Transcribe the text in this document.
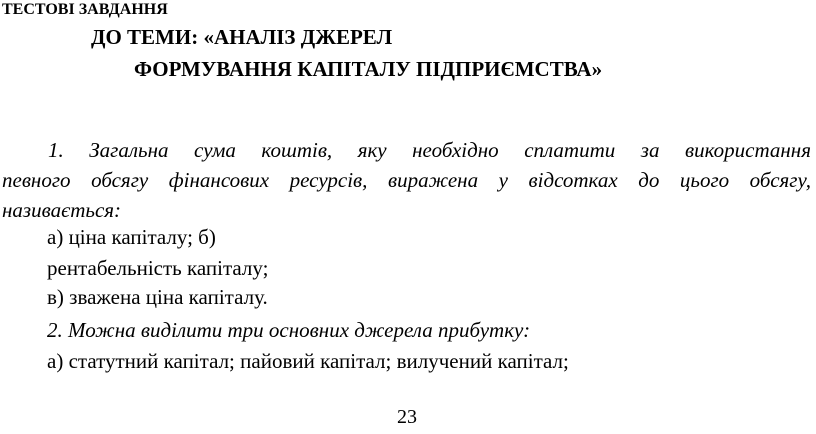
ТЕСТОВІ ЗАВДАННЯ

ДО ТЕМИ: «АНАЛІЗ ДЖЕРЕЛ

ФОРМУВАННЯ КАПІТАЛУ ПІДПРИЄМСТВА»

1. Загальна сума коштів, яку необхідно сплатити за використання
певного обсягу фінансових ресурсів, виражена у відсотках до цього обсягу,
називається:

а) ціна капіталу; б)

рентабельність капіталу;

в) зважена ціна капіталу.

2. Можна виділити три основних джерела прибутку:

а) статутний капітал; пайовий капітал; вилучений капітал;

23
